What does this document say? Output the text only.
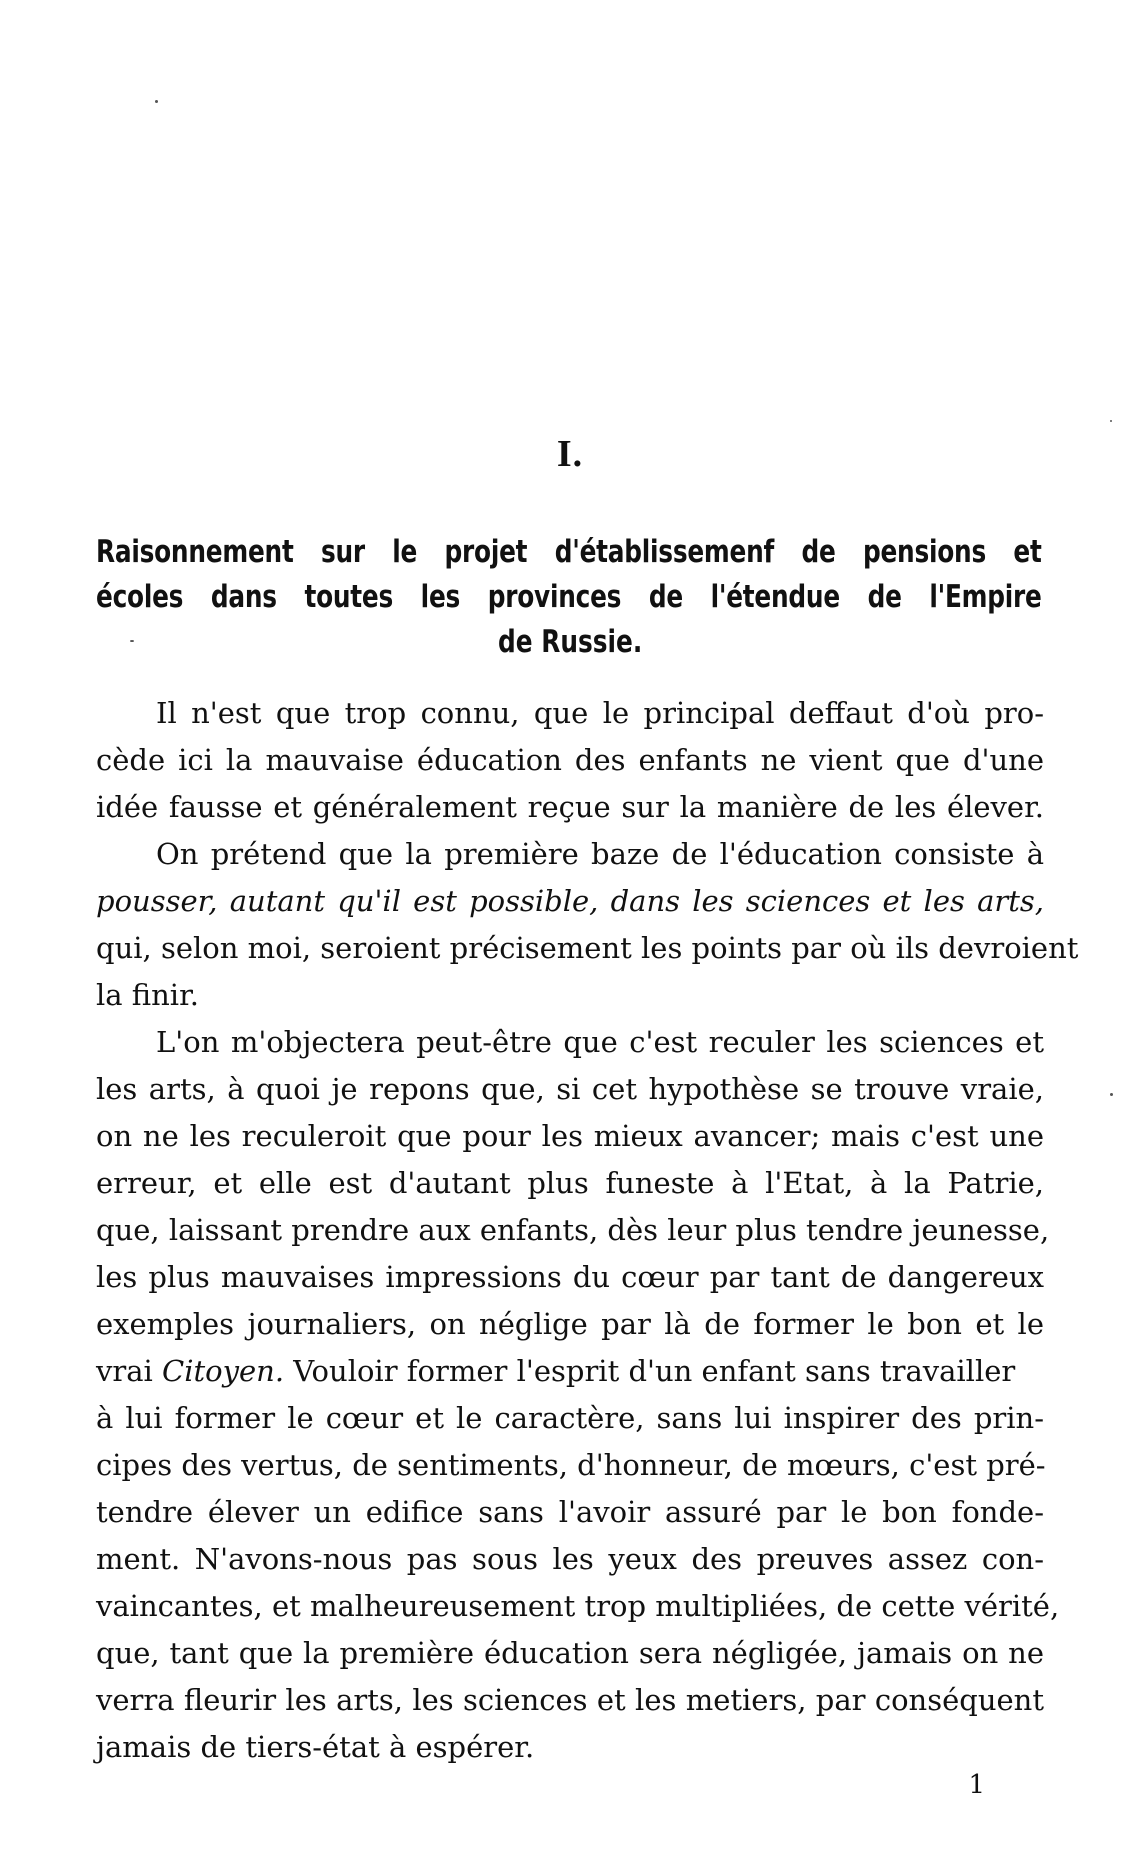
I.
Raisonnement sur le projet d'établissemenf de pensions et
écoles dans toutes les provinces de l'étendue de l'Empire
de Russie.
Il n'est que trop connu, que le principal deffaut d'où pro-
cède ici la mauvaise éducation des enfants ne vient que d'une
idée fausse et généralement reçue sur la manière de les élever.
On prétend que la première baze de l'éducation consiste à
pousser, autant qu'il est possible, dans les sciences et les arts,
qui, selon moi, seroient précisement les points par où ils devroient
la finir.
L'on m'objectera peut-être que c'est reculer les sciences et
les arts, à quoi je repons que, si cet hypothèse se trouve vraie,
on ne les reculeroit que pour les mieux avancer; mais c'est une
erreur, et elle est d'autant plus funeste à l'Etat, à la Patrie,
que, laissant prendre aux enfants, dès leur plus tendre jeunesse,
les plus mauvaises impressions du cœur par tant de dangereux
exemples journaliers, on néglige par là de former le bon et le
vrai Citoyen. Vouloir former l'esprit d'un enfant sans travailler
à lui former le cœur et le caractère, sans lui inspirer des prin-
cipes des vertus, de sentiments, d'honneur, de mœurs, c'est pré-
tendre élever un edifice sans l'avoir assuré par le bon fonde-
ment. N'avons-nous pas sous les yeux des preuves assez con-
vaincantes, et malheureusement trop multipliées, de cette vérité,
que, tant que la première éducation sera négligée, jamais on ne
verra fleurir les arts, les sciences et les metiers, par conséquent
jamais de tiers-état à espérer.
1
